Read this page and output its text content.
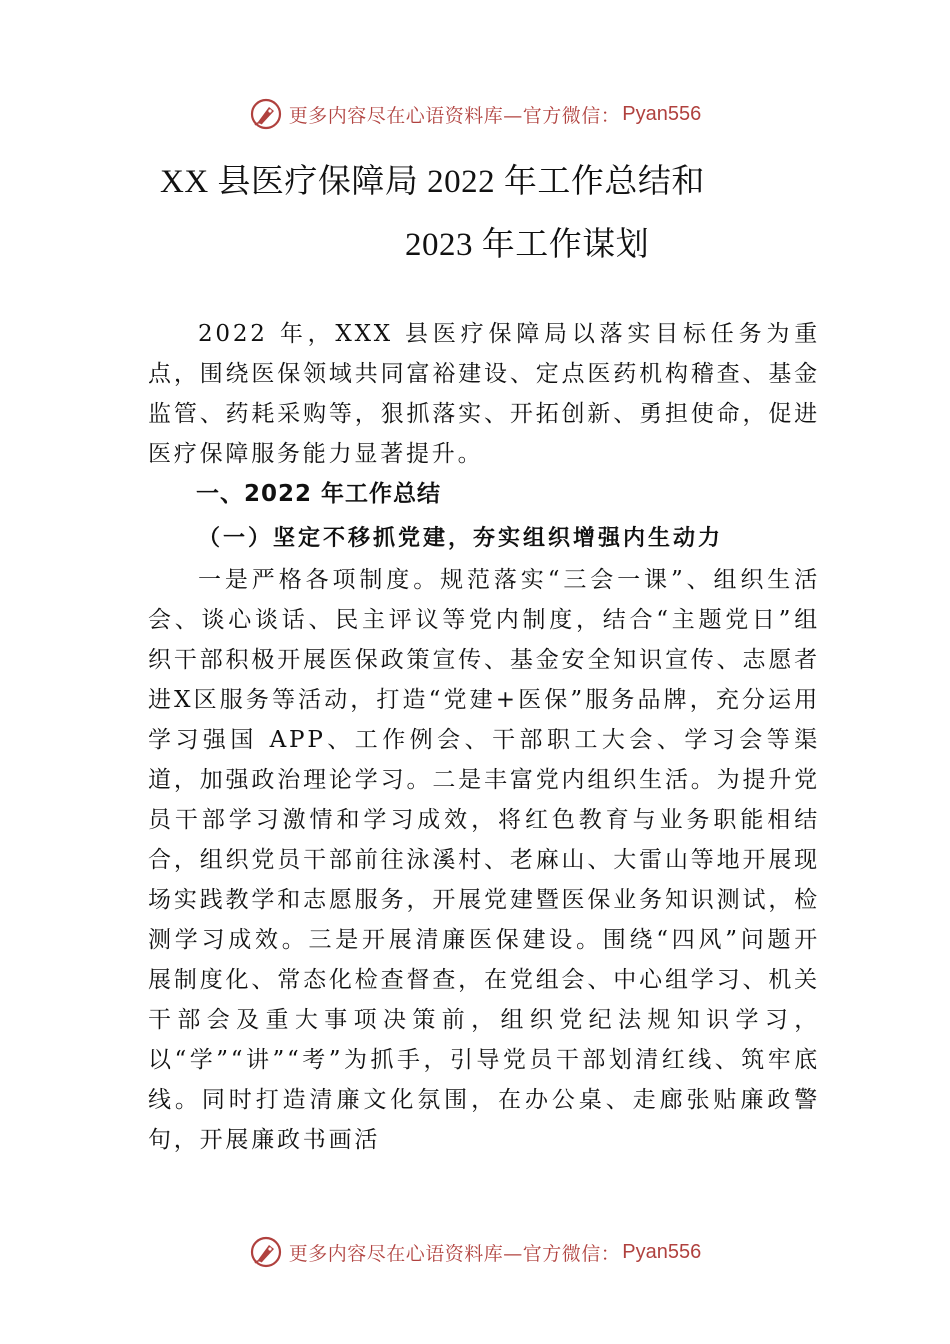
更多内容尽在心语资料库—官方微信： Pyan556
XX 县医疗保障局 2022 年工作总结和
2023 年工作谋划

2022 年，XXX 县医疗保障局以落实目标任务为重点，围绕医保领域共同富裕建设、定点医药机构稽查、基金监管、药耗采购等，狠抓落实、开拓创新、勇担使命，促进医疗保障服务能力显著提升。

一、2022 年工作总结

（一）坚定不移抓党建，夯实组织增强内生动力

一是严格各项制度。规范落实“三会一课”、组织生活会、谈心谈话、民主评议等党内制度，结合“主题党日”组织干部积极开展医保政策宣传、基金安全知识宣传、志愿者进X区服务等活动，打造“党建+医保”服务品牌，充分运用学习强国 APP、工作例会、干部职工大会、学习会等渠道，加强政治理论学习。二是丰富党内组织生活。为提升党员干部学习激情和学习成效，将红色教育与业务职能相结合，组织党员干部前往泳溪村、老麻山、大雷山等地开展现场实践教学和志愿服务，开展党建暨医保业务知识测试，检测学习成效。三是开展清廉医保建设。围绕“四风”问题开展制度化、常态化检查督查，在党组会、中心组学习、机关干部会及重大事项决策前，组织党纪法规知识学习，以“学”“讲”“考”为抓手，引导党员干部划清红线、筑牢底线。同时打造清廉文化氛围，在办公桌、走廊张贴廉政警句，开展廉政书画活

更多内容尽在心语资料库—官方微信： Pyan556
